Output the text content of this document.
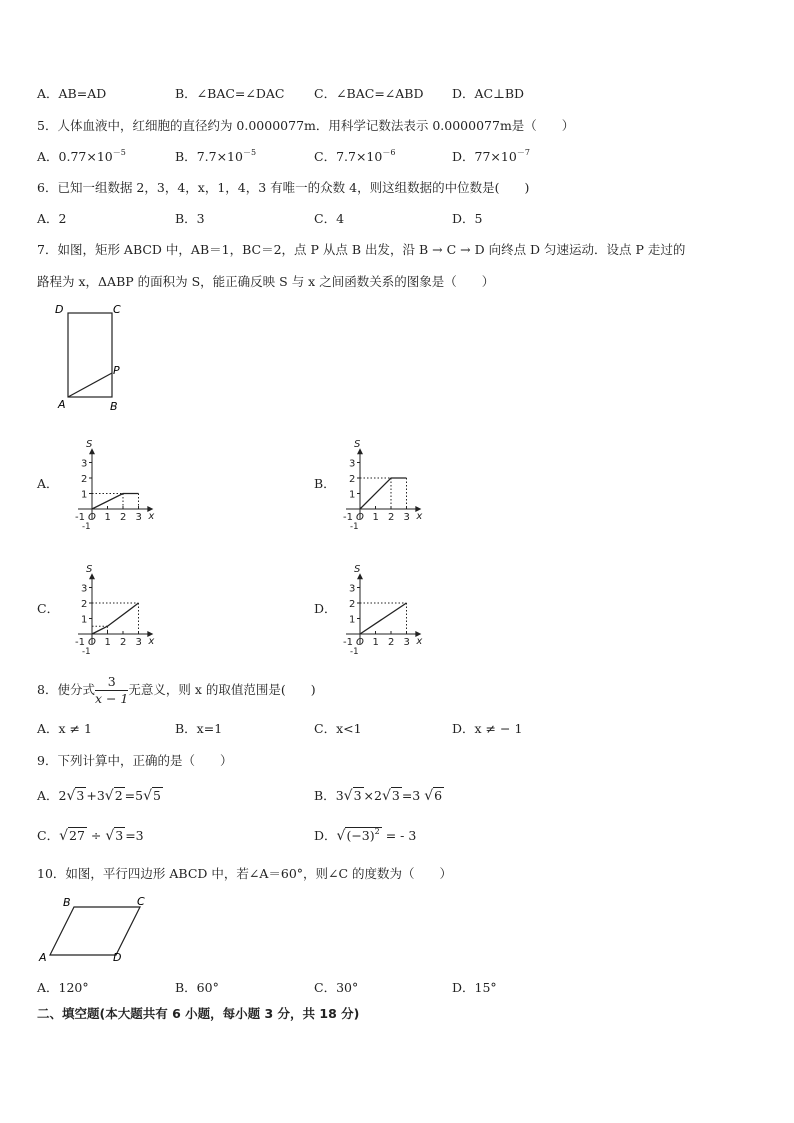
A．AB=AD	B．∠BAC=∠DAC C．∠BAC=∠ABD D．AC⊥BD
5．人体血液中，红细胞的直径约为 0.0000077m．用科学记数法表示 0.0000077m是（　　）
A．$0.77\times 10^{-5}$	B．$7.7\times 10^{-5}$	C．$7.7\times 10^{-6}$	D．$77\times 10^{-7}$
6．已知一组数据 2，3，4，x，1，4，3 有唯一的众数 4，则这组数据的中位数是(　　)
A．2	B．3	C．4	D．5
7．如图，矩形 ABCD 中，AB＝1，BC＝2，点 P 从点 B 出发，沿 B → C → D 向终点 D 匀速运动．设点 P 走过的
路程为 x，ΔABP 的面积为 S，能正确反映 S 与 x 之间函数关系的图象是（　　）
D	C
P
A	B
A．	B．
C．	D．
S
x
O
-1
-1
1
1
2
2
3
3
S
x
O
-1
-1
1
1
2
2
3
3
S
x
O
-1
-1
1
1
2
2
3
3
S
x
O
-1
-1
1
1
2
2
3
3
8．使分式 $\frac{3}{x - 1}$ 无意义，则 x 的取值范围是(　　)
A．x ≠ 1	B．x=1	C．x<1	D．x ≠ − 1
9．下列计算中，正确的是（　　）
A．2√3 +3√2 =5√5	B．3√3 ×2√3 =3 √6
C．√27 ÷ √3 =3	D．$√(-3)^2$ = - 3
10．如图，平行四边形 ABCD 中，若∠A＝60°，则∠C 的度数为（　　）
B	C
A	D
A．120°	B．60°	C．30°	D．15°
二、填空题(本大题共有 6 小题，每小题 3 分，共 18 分)
